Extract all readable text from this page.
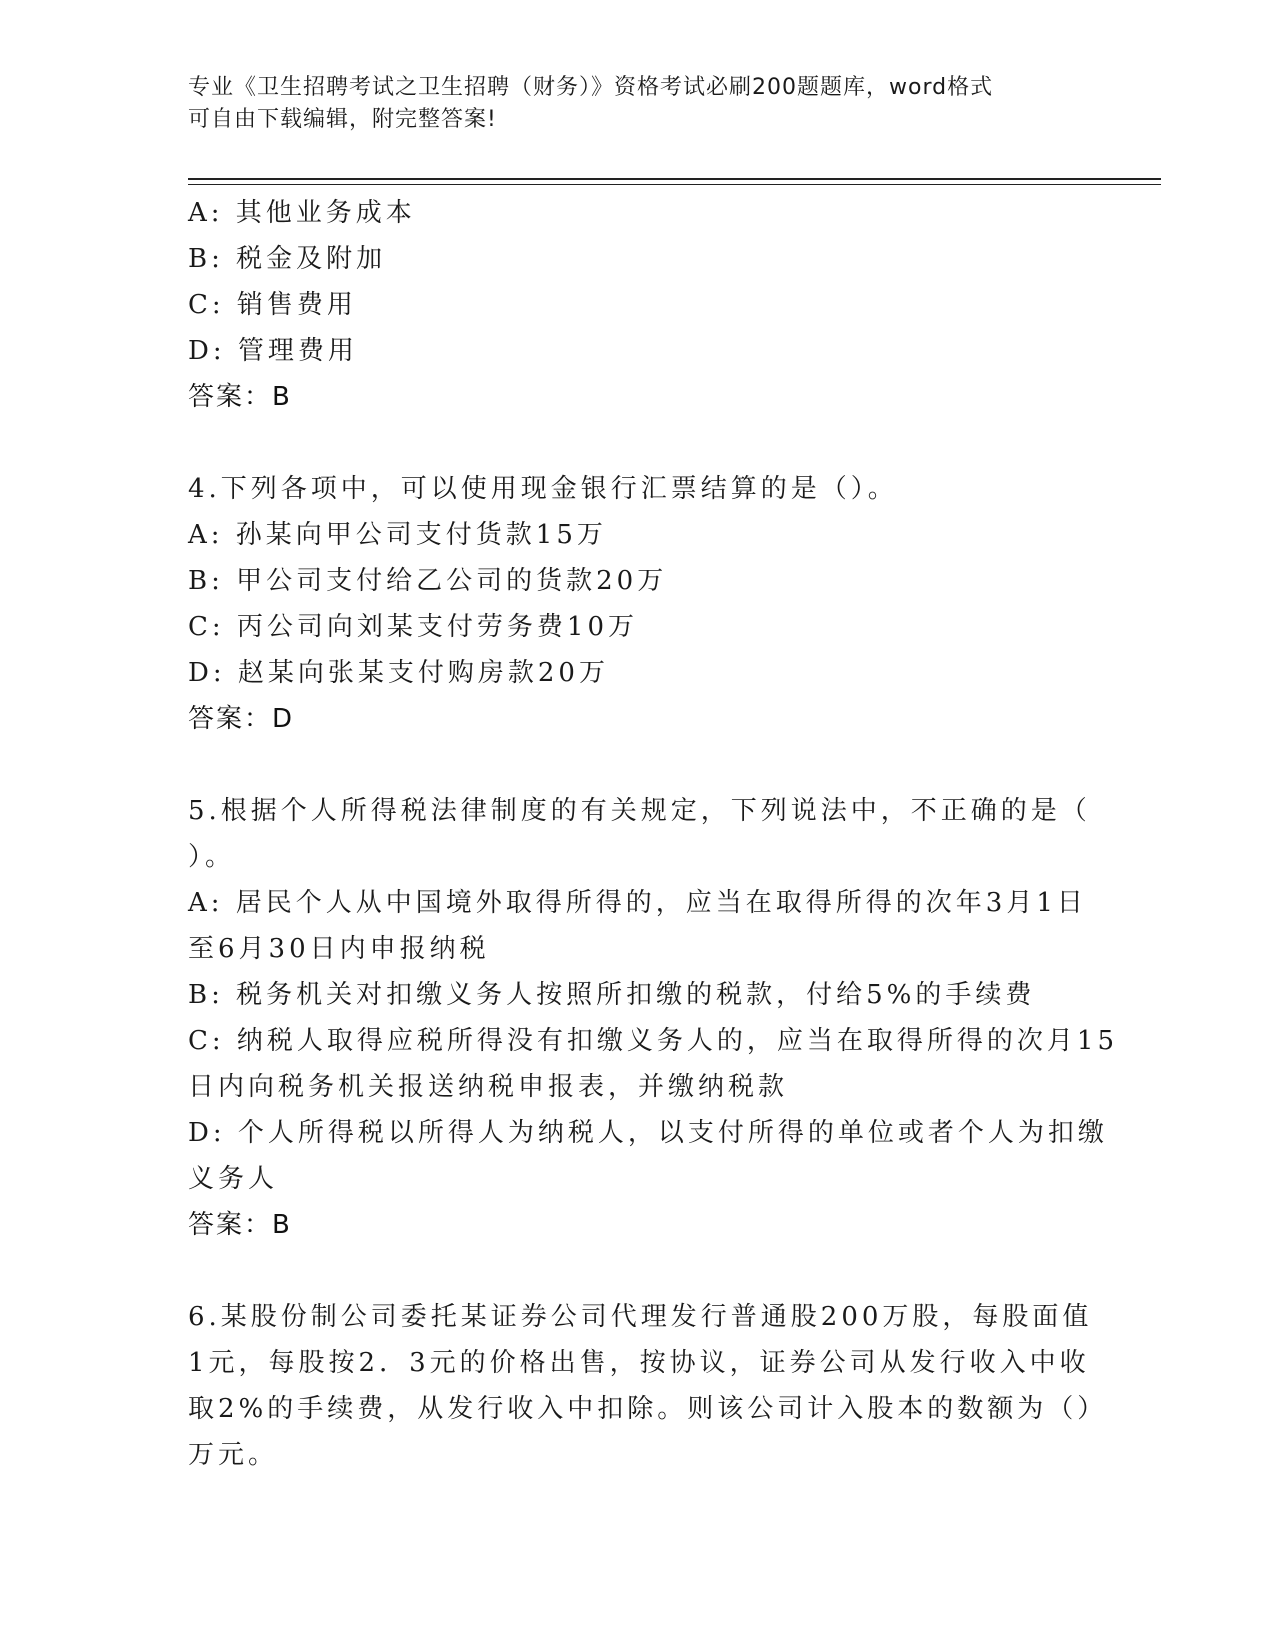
专业《卫生招聘考试之卫生招聘（财务）》资格考试必刷200题题库，word格式
可自由下载编辑，附完整答案!
A: 其他业务成本
B: 税金及附加
C: 销售费用
D: 管理费用
答案：B
4.下列各项中，可以使用现金银行汇票结算的是（）。
A: 孙某向甲公司支付货款15万
B: 甲公司支付给乙公司的货款20万
C: 丙公司向刘某支付劳务费10万
D: 赵某向张某支付购房款20万
答案：D
5.根据个人所得税法律制度的有关规定，下列说法中，不正确的是（
）。
A: 居民个人从中国境外取得所得的，应当在取得所得的次年3月1日
至6月30日内申报纳税
B: 税务机关对扣缴义务人按照所扣缴的税款，付给5%的手续费
C: 纳税人取得应税所得没有扣缴义务人的，应当在取得所得的次月15
日内向税务机关报送纳税申报表，并缴纳税款
D: 个人所得税以所得人为纳税人，以支付所得的单位或者个人为扣缴
义务人
答案：B
6.某股份制公司委托某证券公司代理发行普通股200万股，每股面值
1元，每股按2．3元的价格出售，按协议，证券公司从发行收入中收
取2%的手续费，从发行收入中扣除。则该公司计入股本的数额为（）
万元。
